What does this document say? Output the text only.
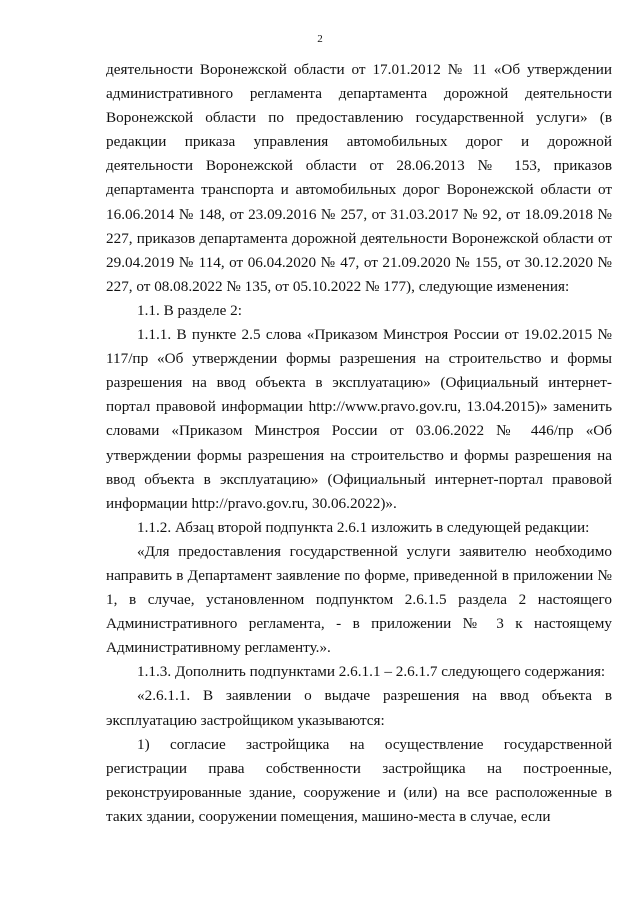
2

деятельности Воронежской области от 17.01.2012 № 11 «Об утверждении административного регламента департамента дорожной деятельности Воронежской области по предоставлению государственной услуги» (в редакции приказа управления автомобильных дорог и дорожной деятельности Воронежской области от 28.06.2013 № 153, приказов департамента транспорта и автомобильных дорог Воронежской области от 16.06.2014 № 148, от 23.09.2016 № 257, от 31.03.2017 № 92, от 18.09.2018 № 227, приказов департамента дорожной деятельности Воронежской области от 29.04.2019 № 114, от 06.04.2020 № 47, от 21.09.2020 № 155, от 30.12.2020 № 227, от 08.08.2022 № 135, от 05.10.2022 № 177), следующие изменения:

1.1. В разделе 2:

1.1.1. В пункте 2.5 слова «Приказом Минстроя России от 19.02.2015 № 117/пр «Об утверждении формы разрешения на строительство и формы разрешения на ввод объекта в эксплуатацию» (Официальный интернет-портал правовой информации http://www.pravo.gov.ru, 13.04.2015)» заменить словами «Приказом Минстроя России от 03.06.2022 № 446/пр «Об утверждении формы разрешения на строительство и формы разрешения на ввод объекта в эксплуатацию» (Официальный интернет-портал правовой информации http://pravo.gov.ru, 30.06.2022)».

1.1.2. Абзац второй подпункта 2.6.1 изложить в следующей редакции:

«Для предоставления государственной услуги заявителю необходимо направить в Департамент заявление по форме, приведенной в приложении № 1, в случае, установленном подпунктом 2.6.1.5 раздела 2 настоящего Административного регламента, - в приложении № 3 к настоящему Административному регламенту.».

1.1.3. Дополнить подпунктами 2.6.1.1 – 2.6.1.7 следующего содержания:

«2.6.1.1. В заявлении о выдаче разрешения на ввод объекта в эксплуатацию застройщиком указываются:

1) согласие застройщика на осуществление государственной регистрации права собственности застройщика на построенные, реконструированные здание, сооружение и (или) на все расположенные в таких здании, сооружении помещения, машино-места в случае, если
